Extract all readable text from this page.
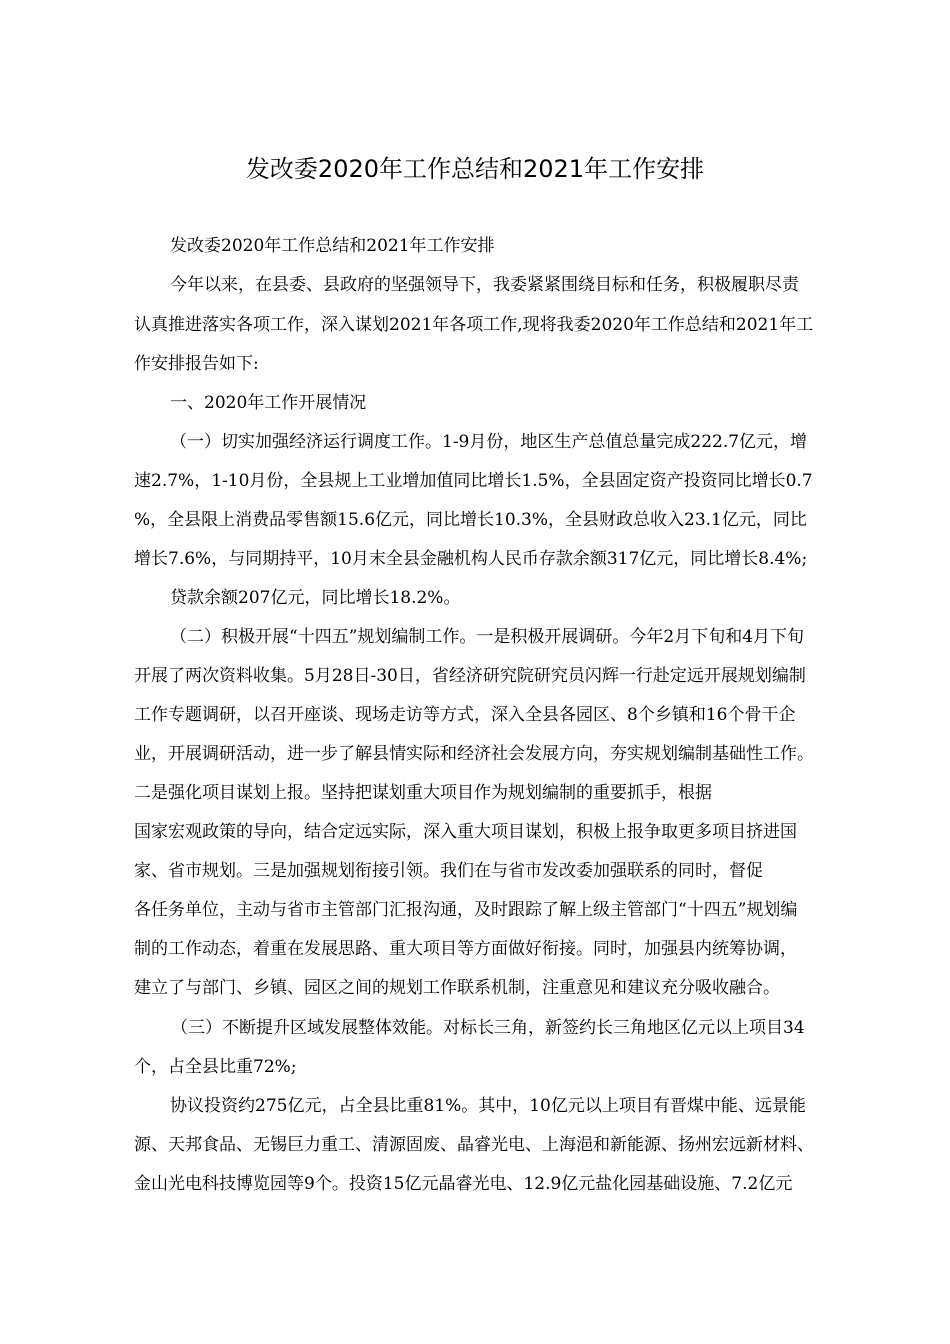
发改委2020年工作总结和2021年工作安排
发改委2020年工作总结和2021年工作安排
今年以来，在县委、县政府的坚强领导下，我委紧紧围绕目标和任务，积极履职尽责
认真推进落实各项工作，深入谋划2021年各项工作,现将我委2020年工作总结和2021年工
作安排报告如下:
一、2020年工作开展情况
（一）切实加强经济运行调度工作。1-9月份，地区生产总值总量完成222.7亿元，增
速2.7%，1-10月份，全县规上工业增加值同比增长1.5%，全县固定资产投资同比增长0.7
%，全县限上消费品零售额15.6亿元，同比增长10.3%，全县财政总收入23.1亿元，同比
增长7.6%，与同期持平，10月末全县金融机构人民币存款余额317亿元，同比增长8.4%;
贷款余额207亿元，同比增长18.2%。
（二）积极开展“十四五”规划编制工作。一是积极开展调研。今年2月下旬和4月下旬
开展了两次资料收集。5月28日-30日，省经济研究院研究员闪辉一行赴定远开展规划编制
工作专题调研，以召开座谈、现场走访等方式，深入全县各园区、8个乡镇和16个骨干企
业，开展调研活动，进一步了解县情实际和经济社会发展方向，夯实规划编制基础性工作。
二是强化项目谋划上报。坚持把谋划重大项目作为规划编制的重要抓手，根据
国家宏观政策的导向，结合定远实际，深入重大项目谋划，积极上报争取更多项目挤进国
家、省市规划。三是加强规划衔接引领。我们在与省市发改委加强联系的同时，督促
各任务单位，主动与省市主管部门汇报沟通，及时跟踪了解上级主管部门“十四五”规划编
制的工作动态，着重在发展思路、重大项目等方面做好衔接。同时，加强县内统筹协调，
建立了与部门、乡镇、园区之间的规划工作联系机制，注重意见和建议充分吸收融合。
（三）不断提升区域发展整体效能。对标长三角，新签约长三角地区亿元以上项目34
个，占全县比重72%;
协议投资约275亿元，占全县比重81%。其中，10亿元以上项目有晋煤中能、远景能
源、天邦食品、无锡巨力重工、清源固废、晶睿光电、上海浥和新能源、扬州宏远新材料、
金山光电科技博览园等9个。投资15亿元晶睿光电、12.9亿元盐化园基础设施、7.2亿元
